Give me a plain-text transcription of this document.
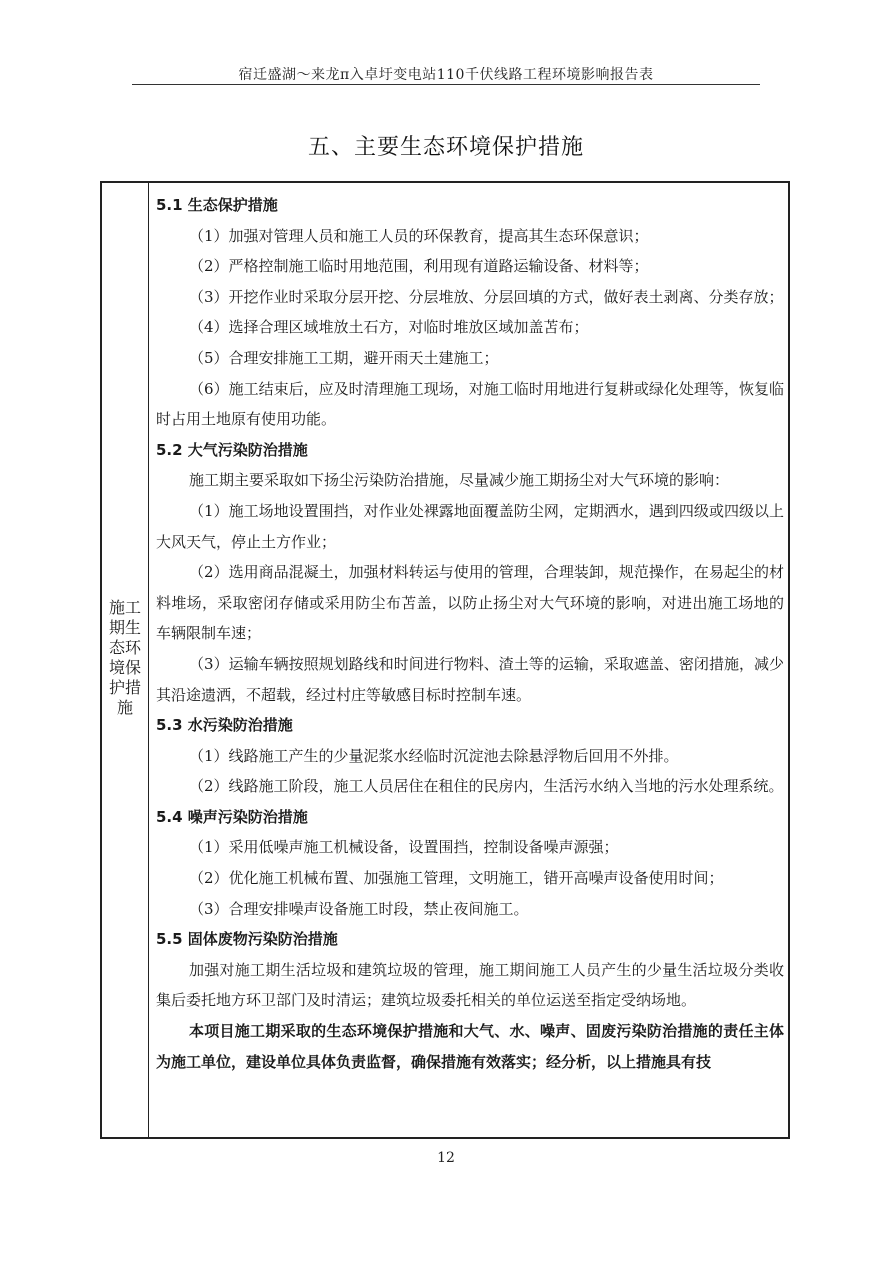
宿迁盛湖～来龙π入卓圩变电站110千伏线路工程环境影响报告表
五、主要生态环境保护措施
施工
期生
态环
境保
护措
施
5.1 生态保护措施

（1）加强对管理人员和施工人员的环保教育，提高其生态环保意识；

（2）严格控制施工临时用地范围，利用现有道路运输设备、材料等；

（3）开挖作业时采取分层开挖、分层堆放、分层回填的方式，做好表土剥离、分类存放；

（4）选择合理区域堆放土石方，对临时堆放区域加盖苫布；

（5）合理安排施工工期，避开雨天土建施工；

（6）施工结束后，应及时清理施工现场，对施工临时用地进行复耕或绿化处理等，恢复临时占用土地原有使用功能。

5.2 大气污染防治措施

施工期主要采取如下扬尘污染防治措施，尽量减少施工期扬尘对大气环境的影响：

（1）施工场地设置围挡，对作业处裸露地面覆盖防尘网，定期洒水，遇到四级或四级以上大风天气，停止土方作业；

（2）选用商品混凝土，加强材料转运与使用的管理，合理装卸，规范操作，在易起尘的材料堆场，采取密闭存储或采用防尘布苫盖，以防止扬尘对大气环境的影响，对进出施工场地的车辆限制车速；

（3）运输车辆按照规划路线和时间进行物料、渣土等的运输，采取遮盖、密闭措施，减少其沿途遗洒，不超载，经过村庄等敏感目标时控制车速。

5.3 水污染防治措施

（1）线路施工产生的少量泥浆水经临时沉淀池去除悬浮物后回用不外排。

（2）线路施工阶段，施工人员居住在租住的民房内，生活污水纳入当地的污水处理系统。

5.4 噪声污染防治措施

（1）采用低噪声施工机械设备，设置围挡，控制设备噪声源强；

（2）优化施工机械布置、加强施工管理，文明施工，错开高噪声设备使用时间；

（3）合理安排噪声设备施工时段，禁止夜间施工。

5.5 固体废物污染防治措施

加强对施工期生活垃圾和建筑垃圾的管理，施工期间施工人员产生的少量生活垃圾分类收集后委托地方环卫部门及时清运；建筑垃圾委托相关的单位运送至指定受纳场地。

本项目施工期采取的生态环境保护措施和大气、水、噪声、固废污染防治措施的责任主体为施工单位，建设单位具体负责监督，确保措施有效落实；经分析，以上措施具有技

12
